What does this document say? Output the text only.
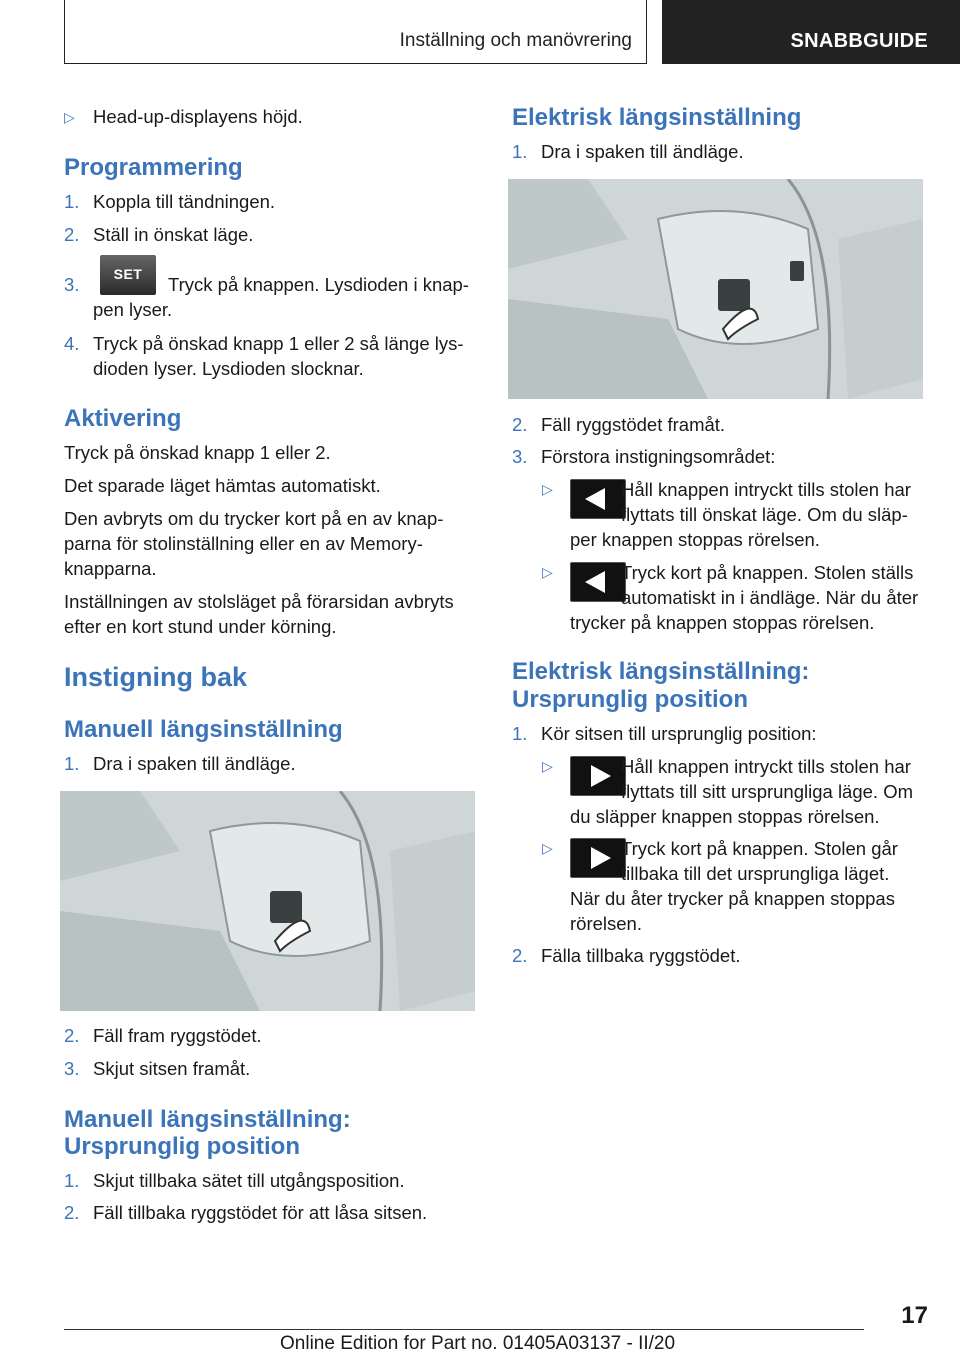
Inställning och manövrering	SNABBGUIDE
▷ Head-up-displayens höjd.
Programmering
1. Koppla till tändningen.
2. Ställ in önskat läge.
3.	SET	Tryck på knappen. Lysdioden i knap-
pen lyser.
4. Tryck på önskad knapp 1 eller 2 så länge lys-
dioden lyser. Lysdioden slocknar.
Aktivering
Tryck på önskad knapp 1 eller 2.
Det sparade läget hämtas automatiskt.
Den avbryts om du trycker kort på en av knap-
parna för stolinställning eller en av Memory-
knapparna.
Inställningen av stolsläget på förarsidan avbryts
efter en kort stund under körning.
Instigning bak
Manuell längsinställning
1. Dra i spaken till ändläge.
2. Fäll fram ryggstödet.
3. Skjut sitsen framåt.
Manuell längsinställning:
Ursprunglig position
1. Skjut tillbaka sätet till utgångsposition.
2. Fäll tillbaka ryggstödet för att låsa sitsen.
Elektrisk längsinställning
1. Dra i spaken till ändläge.
2. Fäll ryggstödet framåt.
3. Förstora instigningsområdet:
▷	Håll knappen intryckt tills stolen har
flyttats till önskat läge. Om du släp-
per knappen stoppas rörelsen.
▷	Tryck kort på knappen. Stolen ställs
automatiskt in i ändläge. När du åter
trycker på knappen stoppas rörelsen.
Elektrisk längsinställning:
Ursprunglig position
1. Kör sitsen till ursprunglig position:
▷	Håll knappen intryckt tills stolen har
flyttats till sitt ursprungliga läge. Om
du släpper knappen stoppas rörelsen.
▷	Tryck kort på knappen. Stolen går
tillbaka till det ursprungliga läget.
När du åter trycker på knappen stoppas
rörelsen.
2. Fälla tillbaka ryggstödet.
17
Online Edition for Part no. 01405A03137 - II/20
